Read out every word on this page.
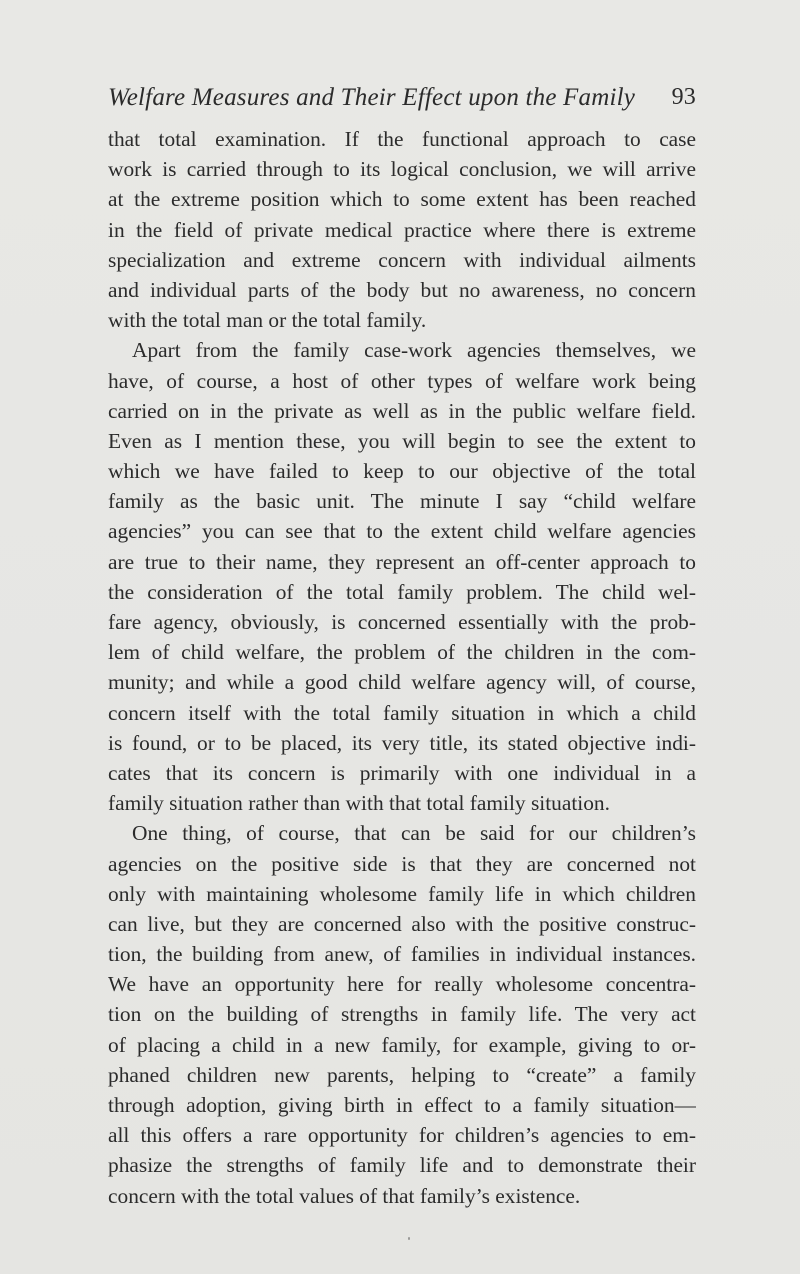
Welfare Measures and Their Effect upon the Family 93
that total examination. If the functional approach to case
work is carried through to its logical conclusion, we will arrive
at the extreme position which to some extent has been reached
in the field of private medical practice where there is extreme
specialization and extreme concern with individual ailments
and individual parts of the body but no awareness, no concern
with the total man or the total family.
Apart from the family case-work agencies themselves, we
have, of course, a host of other types of welfare work being
carried on in the private as well as in the public welfare field.
Even as I mention these, you will begin to see the extent to
which we have failed to keep to our objective of the total
family as the basic unit. The minute I say “child welfare
agencies” you can see that to the extent child welfare agencies
are true to their name, they represent an off-center approach to
the consideration of the total family problem. The child wel-
fare agency, obviously, is concerned essentially with the prob-
lem of child welfare, the problem of the children in the com-
munity; and while a good child welfare agency will, of course,
concern itself with the total family situation in which a child
is found, or to be placed, its very title, its stated objective indi-
cates that its concern is primarily with one individual in a
family situation rather than with that total family situation.
One thing, of course, that can be said for our children’s
agencies on the positive side is that they are concerned not
only with maintaining wholesome family life in which children
can live, but they are concerned also with the positive construc-
tion, the building from anew, of families in individual instances.
We have an opportunity here for really wholesome concentra-
tion on the building of strengths in family life. The very act
of placing a child in a new family, for example, giving to or-
phaned children new parents, helping to “create” a family
through adoption, giving birth in effect to a family situation—
all this offers a rare opportunity for children’s agencies to em-
phasize the strengths of family life and to demonstrate their
concern with the total values of that family’s existence.
